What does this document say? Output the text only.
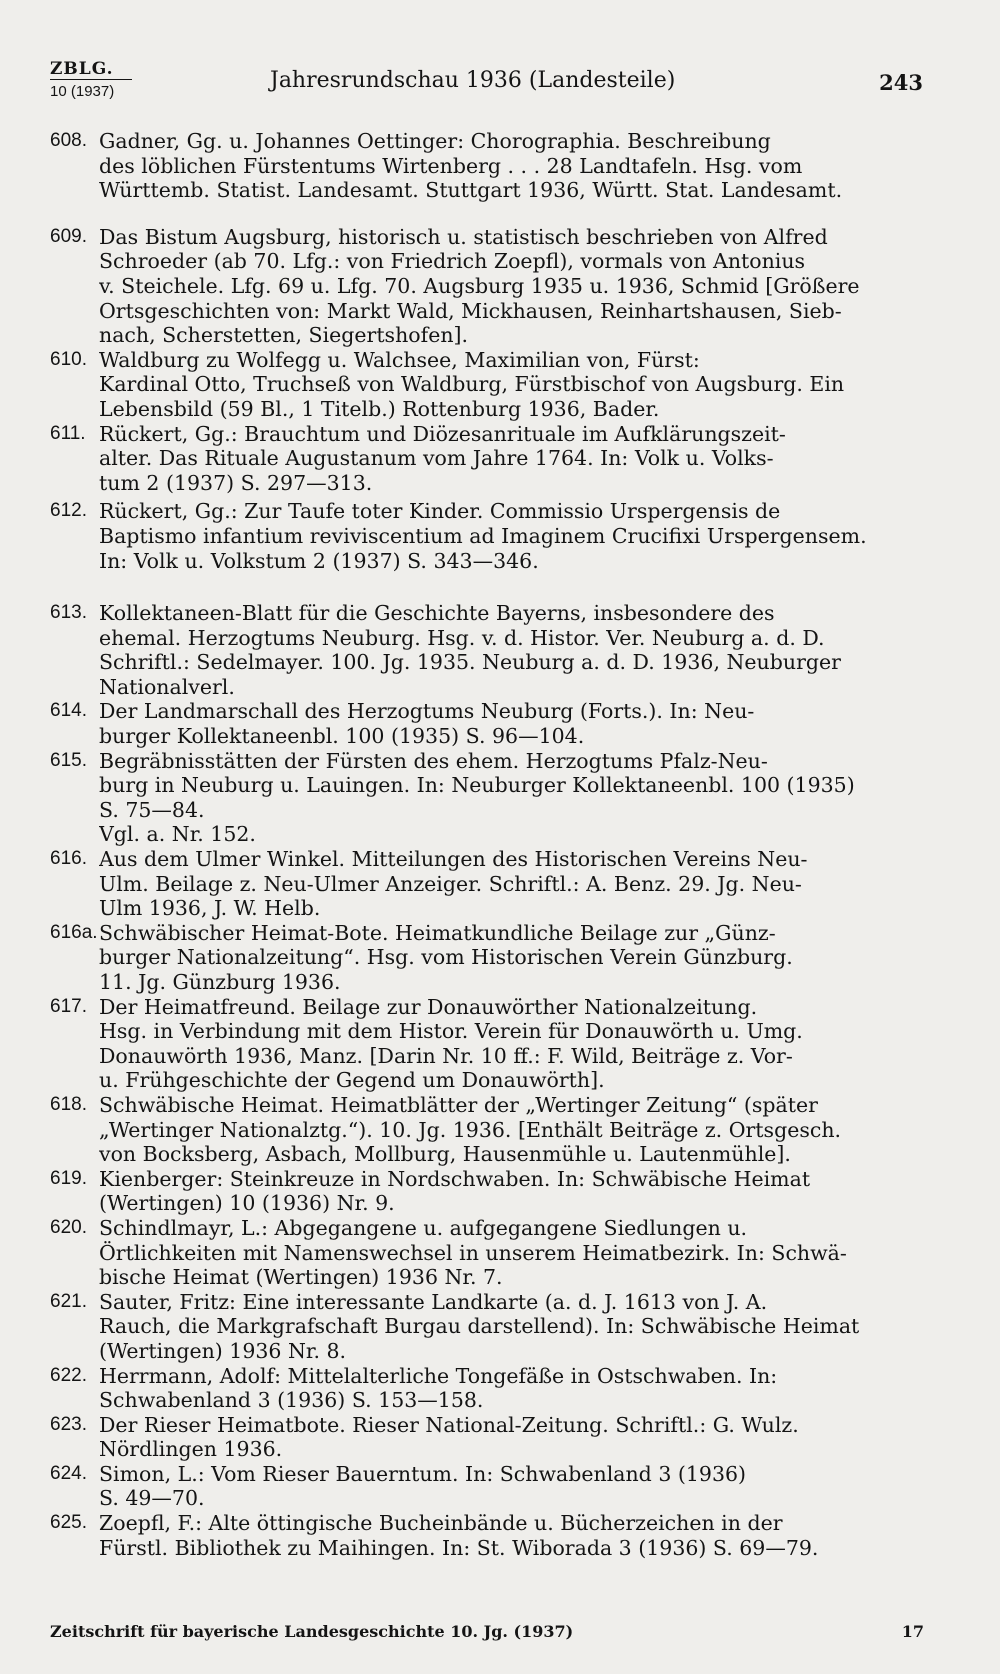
ZBLG.
10 (1937)	Jahresrundschau 1936 (Landesteile)	243
608. Gadner, Gg. u. Johannes Oettinger: Chorographia. Beschreibung
des löblichen Fürstentums Wirtenberg . . . 28 Landtafeln. Hsg. vom
Württemb. Statist. Landesamt. Stuttgart 1936, Württ. Stat. Landesamt.
609. Das Bistum Augsburg, historisch u. statistisch beschrieben von Alfred
Schroeder (ab 70. Lfg.: von Friedrich Zoepfl), vormals von Antonius
v. Steichele. Lfg. 69 u. Lfg. 70. Augsburg 1935 u. 1936, Schmid [Größere
Ortsgeschichten von: Markt Wald, Mickhausen, Reinhartshausen, Sieb-
nach, Scherstetten, Siegertshofen].
610. Waldburg zu Wolfegg u. Walchsee, Maximilian von, Fürst:
Kardinal Otto, Truchseß von Waldburg, Fürstbischof von Augsburg. Ein
Lebensbild (59 Bl., 1 Titelb.) Rottenburg 1936, Bader.
611. Rückert, Gg.: Brauchtum und Diözesanrituale im Aufklärungszeit-
alter. Das Rituale Augustanum vom Jahre 1764. In: Volk u. Volks-
tum 2 (1937) S. 297—313.
612. Rückert, Gg.: Zur Taufe toter Kinder. Commissio Urspergensis de
Baptismo infantium reviviscentium ad Imaginem Crucifixi Urspergensem.
In: Volk u. Volkstum 2 (1937) S. 343—346.
613. Kollektaneen-Blatt für die Geschichte Bayerns, insbesondere des
ehemal. Herzogtums Neuburg. Hsg. v. d. Histor. Ver. Neuburg a. d. D.
Schriftl.: Sedelmayer. 100. Jg. 1935. Neuburg a. d. D. 1936, Neuburger
Nationalverl.
614. Der Landmarschall des Herzogtums Neuburg (Forts.). In: Neu-
burger Kollektaneenbl. 100 (1935) S. 96—104.
615. Begräbnisstätten der Fürsten des ehem. Herzogtums Pfalz-Neu-
burg in Neuburg u. Lauingen. In: Neuburger Kollektaneenbl. 100 (1935)
S. 75—84.
Vgl. a. Nr. 152.
616. Aus dem Ulmer Winkel. Mitteilungen des Historischen Vereins Neu-
Ulm. Beilage z. Neu-Ulmer Anzeiger. Schriftl.: A. Benz. 29. Jg. Neu-
Ulm 1936, J. W. Helb.
616a. Schwäbischer Heimat-Bote. Heimatkundliche Beilage zur „Günz-
burger Nationalzeitung“. Hsg. vom Historischen Verein Günzburg.
11. Jg. Günzburg 1936.
617. Der Heimatfreund. Beilage zur Donauwörther Nationalzeitung.
Hsg. in Verbindung mit dem Histor. Verein für Donauwörth u. Umg.
Donauwörth 1936, Manz. [Darin Nr. 10 ff.: F. Wild, Beiträge z. Vor-
u. Frühgeschichte der Gegend um Donauwörth].
618. Schwäbische Heimat. Heimatblätter der „Wertinger Zeitung“ (später
„Wertinger Nationalztg.“). 10. Jg. 1936. [Enthält Beiträge z. Ortsgesch.
von Bocksberg, Asbach, Mollburg, Hausenmühle u. Lautenmühle].
619. Kienberger: Steinkreuze in Nordschwaben. In: Schwäbische Heimat
(Wertingen) 10 (1936) Nr. 9.
620. Schindlmayr, L.: Abgegangene u. aufgegangene Siedlungen u.
Örtlichkeiten mit Namenswechsel in unserem Heimatbezirk. In: Schwä-
bische Heimat (Wertingen) 1936 Nr. 7.
621. Sauter, Fritz: Eine interessante Landkarte (a. d. J. 1613 von J. A.
Rauch, die Markgrafschaft Burgau darstellend). In: Schwäbische Heimat
(Wertingen) 1936 Nr. 8.
622. Herrmann, Adolf: Mittelalterliche Tongefäße in Ostschwaben. In:
Schwabenland 3 (1936) S. 153—158.
623. Der Rieser Heimatbote. Rieser National-Zeitung. Schriftl.: G. Wulz.
Nördlingen 1936.
624. Simon, L.: Vom Rieser Bauerntum. In: Schwabenland 3 (1936)
S. 49—70.
625. Zoepfl, F.: Alte öttingische Bucheinbände u. Bücherzeichen in der
Fürstl. Bibliothek zu Maihingen. In: St. Wiborada 3 (1936) S. 69—79.
Zeitschrift für bayerische Landesgeschichte 10. Jg. (1937)	17
